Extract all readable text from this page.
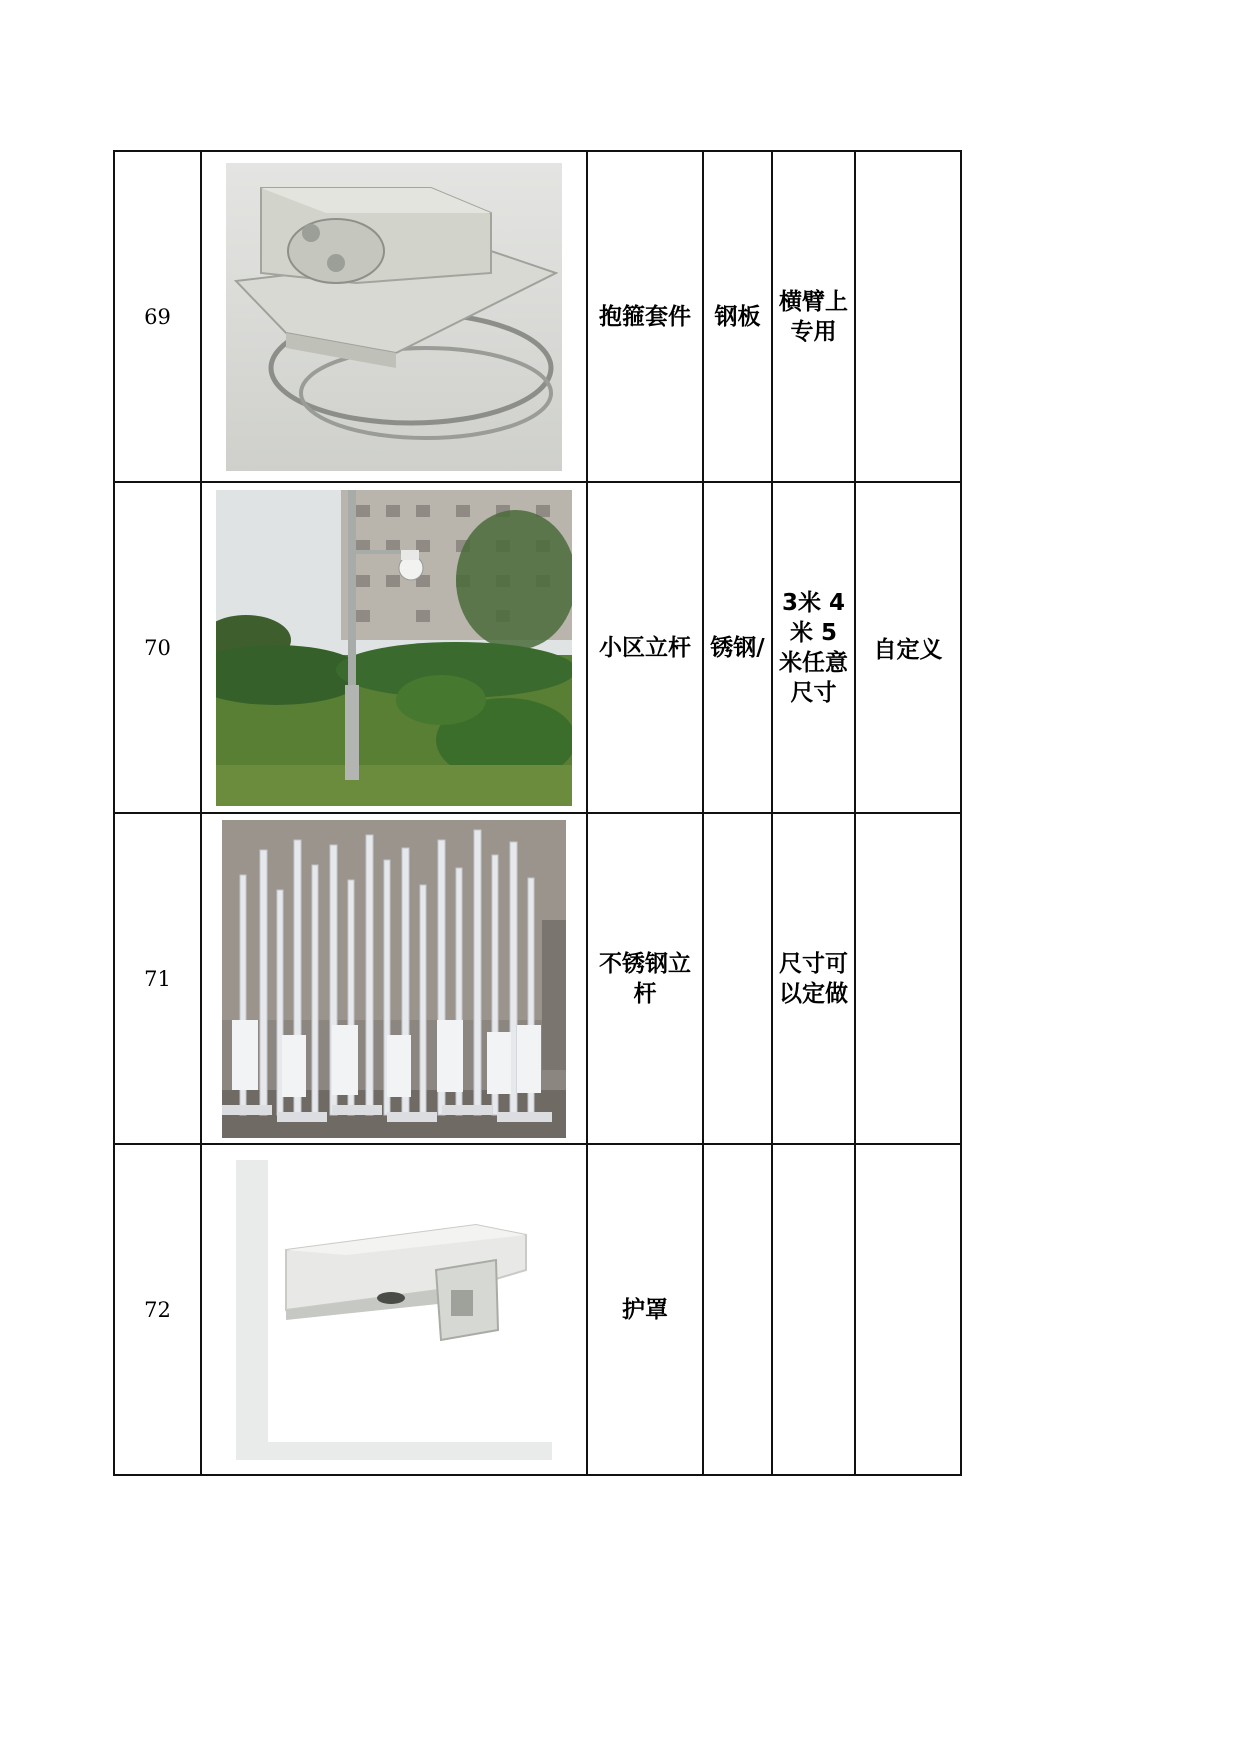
69		抱箍套件	钢板	横臂上专用	

70		小区立杆	锈钢/	3米 4米 5米任意尺寸	自定义

71		不锈钢立杆		尺寸可以定做	

72		护罩			
